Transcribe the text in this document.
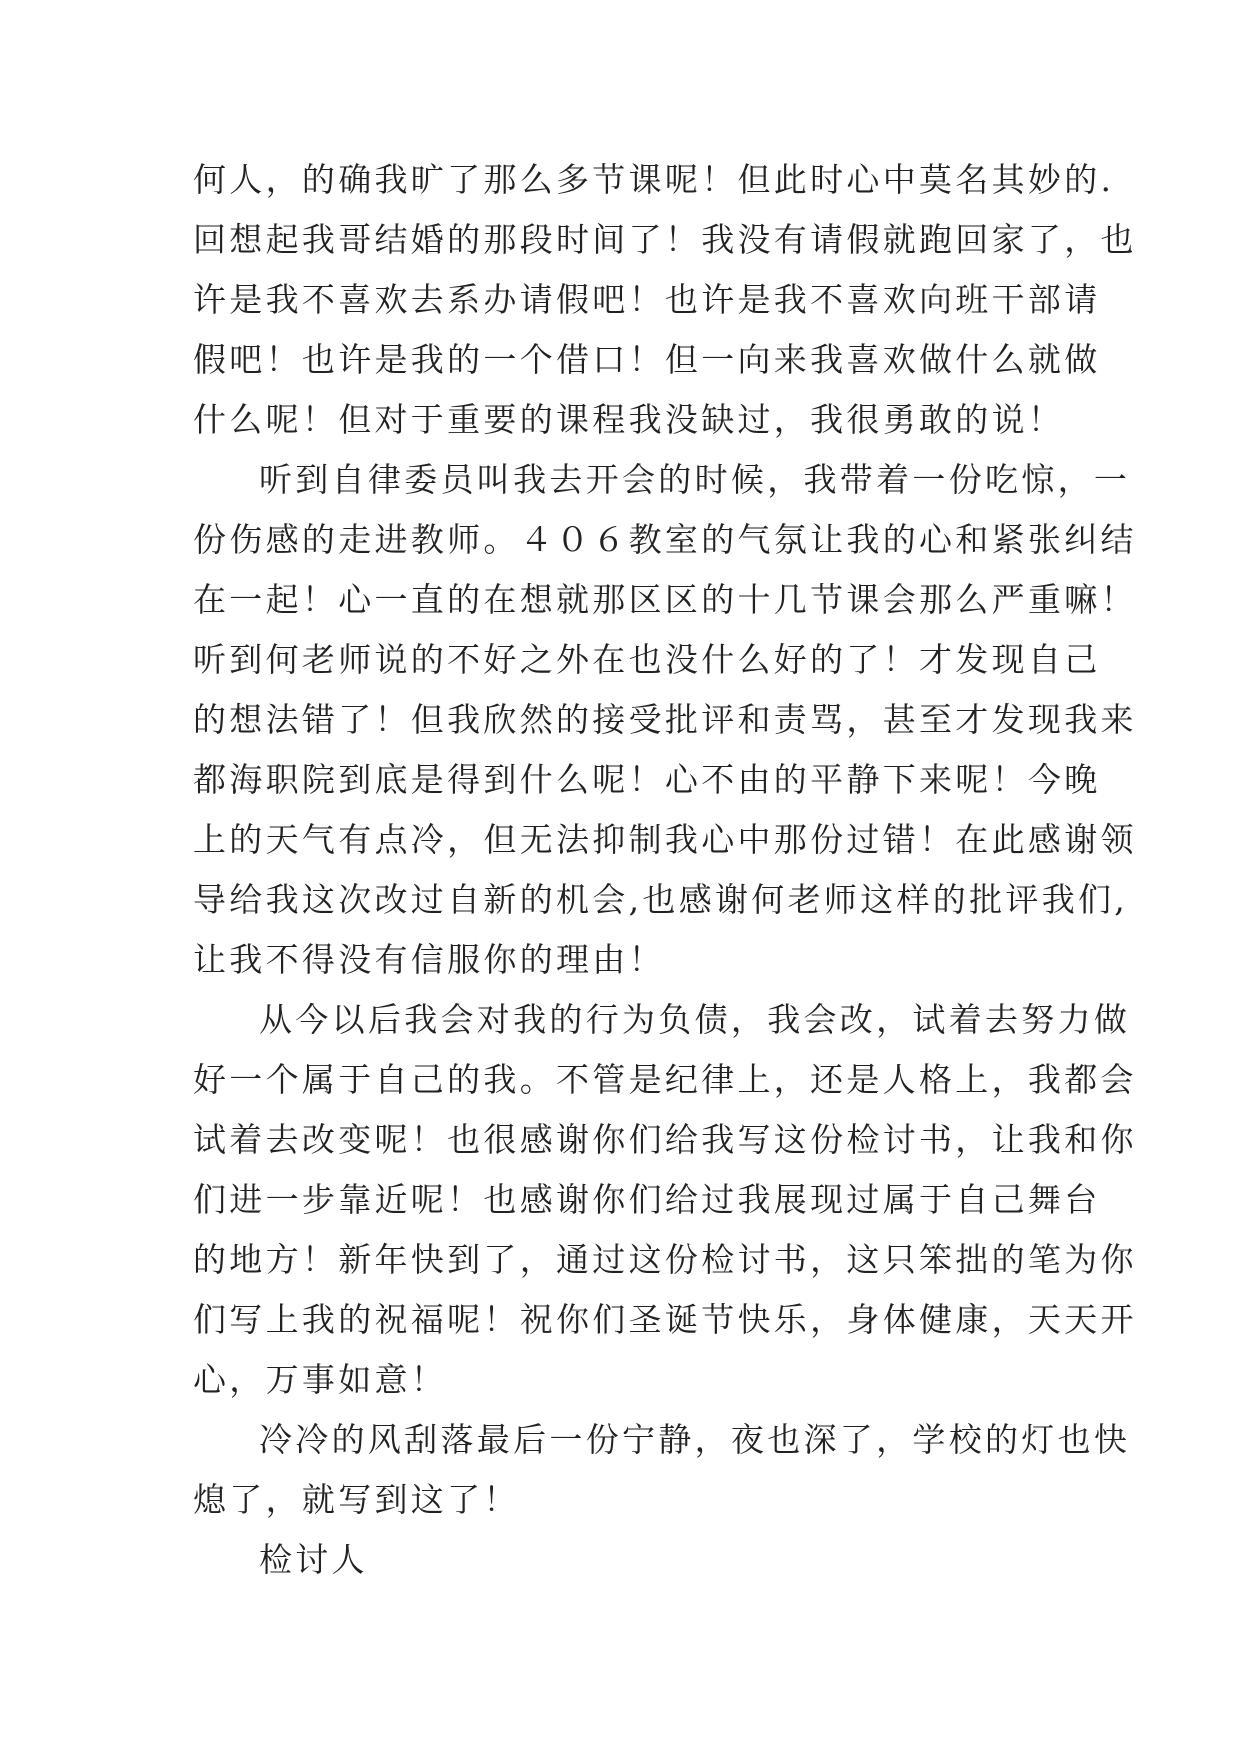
何人，的确我旷了那么多节课呢！但此时心中莫名其妙的.
回想起我哥结婚的那段时间了！我没有请假就跑回家了，也
许是我不喜欢去系办请假吧！也许是我不喜欢向班干部请
假吧！也许是我的一个借口！但一向来我喜欢做什么就做
什么呢！但对于重要的课程我没缺过，我很勇敢的说！
听到自律委员叫我去开会的时候，我带着一份吃惊，一
份伤感的走进教师。４０６教室的气氛让我的心和紧张纠结
在一起！心一直的在想就那区区的十几节课会那么严重嘛！
听到何老师说的不好之外在也没什么好的了！才发现自己
的想法错了！但我欣然的接受批评和责骂，甚至才发现我来
都海职院到底是得到什么呢！心不由的平静下来呢！今晚
上的天气有点冷，但无法抑制我心中那份过错！在此感谢领
导给我这次改过自新的机会,也感谢何老师这样的批评我们,
让我不得没有信服你的理由！
从今以后我会对我的行为负债，我会改，试着去努力做
好一个属于自己的我。不管是纪律上，还是人格上，我都会
试着去改变呢！也很感谢你们给我写这份检讨书，让我和你
们进一步靠近呢！也感谢你们给过我展现过属于自己舞台
的地方！新年快到了，通过这份检讨书，这只笨拙的笔为你
们写上我的祝福呢！祝你们圣诞节快乐，身体健康，天天开
心，万事如意！
冷冷的风刮落最后一份宁静，夜也深了，学校的灯也快
熄了，就写到这了！
检讨人
